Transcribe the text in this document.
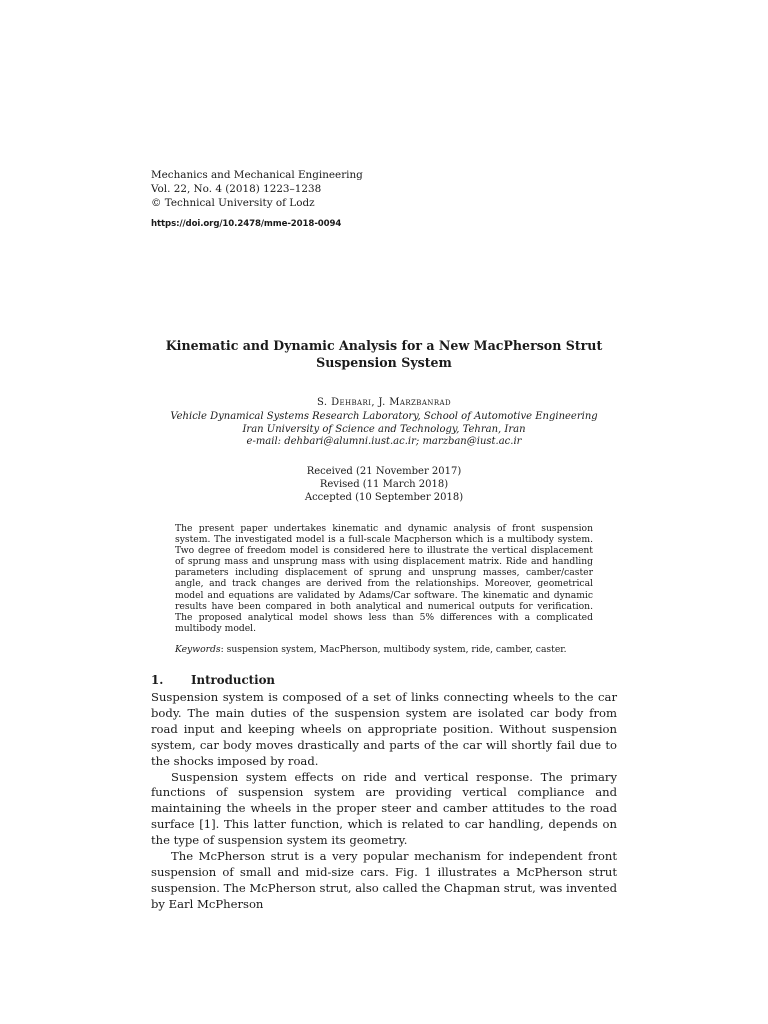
Mechanics and Mechanical Engineering
Vol. 22, No. 4 (2018) 1223–1238
© Technical University of Lodz
https://doi.org/10.2478/mme-2018-0094
Kinematic and Dynamic Analysis for a New MacPherson Strut
Suspension System
S. Dehbari, J. Marzbanrad
Vehicle Dynamical Systems Research Laboratory, School of Automotive Engineering
Iran University of Science and Technology, Tehran, Iran
e-mail: dehbari@alumni.iust.ac.ir; marzban@iust.ac.ir
Received (21 November 2017)
Revised (11 March 2018)
Accepted (10 September 2018)
The present paper undertakes kinematic and dynamic analysis of front suspension system. The investigated model is a full-scale Macpherson which is a multibody system. Two degree of freedom model is considered here to illustrate the vertical displacement of sprung mass and unsprung mass with using displacement matrix. Ride and handling parameters including displacement of sprung and unsprung masses, camber/caster angle, and track changes are derived from the relationships. Moreover, geometrical model and equations are validated by Adams/Car software. The kinematic and dynamic results have been compared in both analytical and numerical outputs for verification. The proposed analytical model shows less than 5% differences with a complicated multibody model.
Keywords: suspension system, MacPherson, multibody system, ride, camber, caster.
1. Introduction

Suspension system is composed of a set of links connecting wheels to the car body. The main duties of the suspension system are isolated car body from road input and keeping wheels on appropriate position. Without suspension system, car body moves drastically and parts of the car will shortly fail due to the shocks imposed by road.

Suspension system effects on ride and vertical response. The primary functions of suspension system are providing vertical compliance and maintaining the wheels in the proper steer and camber attitudes to the road surface [1]. This latter function, which is related to car handling, depends on the type of suspension system its geometry.

The McPherson strut is a very popular mechanism for independent front suspension of small and mid-size cars. Fig. 1 illustrates a McPherson strut suspension. The McPherson strut, also called the Chapman strut, was invented by Earl McPherson
